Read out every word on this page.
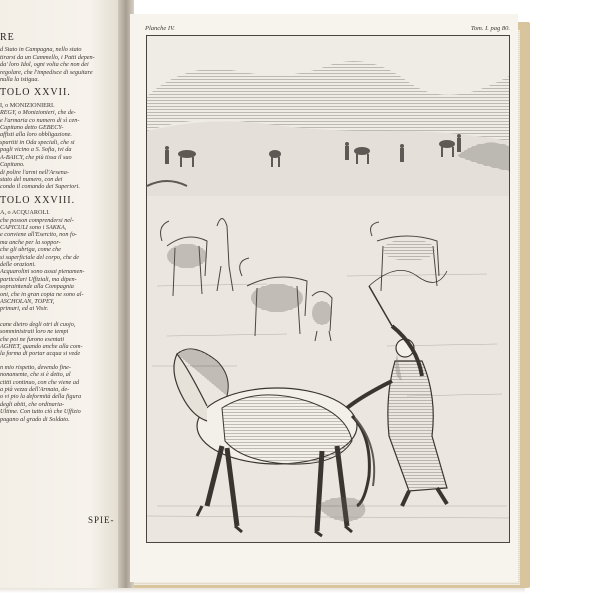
RE
d Stato in Campagna, nello stato
tirarsi da un Cammello, i Patti depen-
da' loro Idol, ogni volta che non dei
regolare, che l'impedisce di seguitare
nulla la istigua.
TOLO XXVII.
I, o MONIZIONIERI.
REGY, o Monizionieri, che de-
e l'armaria co numero di sì cen-
Capitano detto GEBECY-
affisti alla loro obbligazione.
spartiti in Oda speciali, che si
pagli vicino a S. Sofia, ivi da
A-BAICY, che più tissa il suo
Capitano.
di polire l'armi nell'Arsena-
stato del numero, con dei
condo il comando dei Superiori.
TOLO XXVIII.
A, o ACQUAROLI.
che posson comprendersi nel-
CAPICULI sono i SAKKA,
e conviene all'Esercito, non fo-
ma anche per la soppor-
che gli ubriga, come che
si superficiale del corpo, che de
delle orazioni.
Acquarolini sono assai pienamen-
particolari Uffiziali, ma dipen-
sopraintende alla Compagnia
oni, che in gran copia ne sono al-
ASCHOLAN, TOPEY,
primari, ed ai Visir.
cane dietro degli otri di cuojo,
somministrati loro ne tempi
che poi ne furono esentati
AGHET, quando anche alla com-
la forma di portar acqua si vede
n mio rispetto, devendo fine-
nonamente, che si è detto, al
ctitti continuo, con che viene ad
a pià vezza dell'Armata, de-
o vi pio la deformità della figura
degli abiti, che ordinaria-
Ultime. Con tutto ciò che Uffizio
pagano al grado di Soldato.
SPIE-
Planche IV.	Tom. I. pag 80.
